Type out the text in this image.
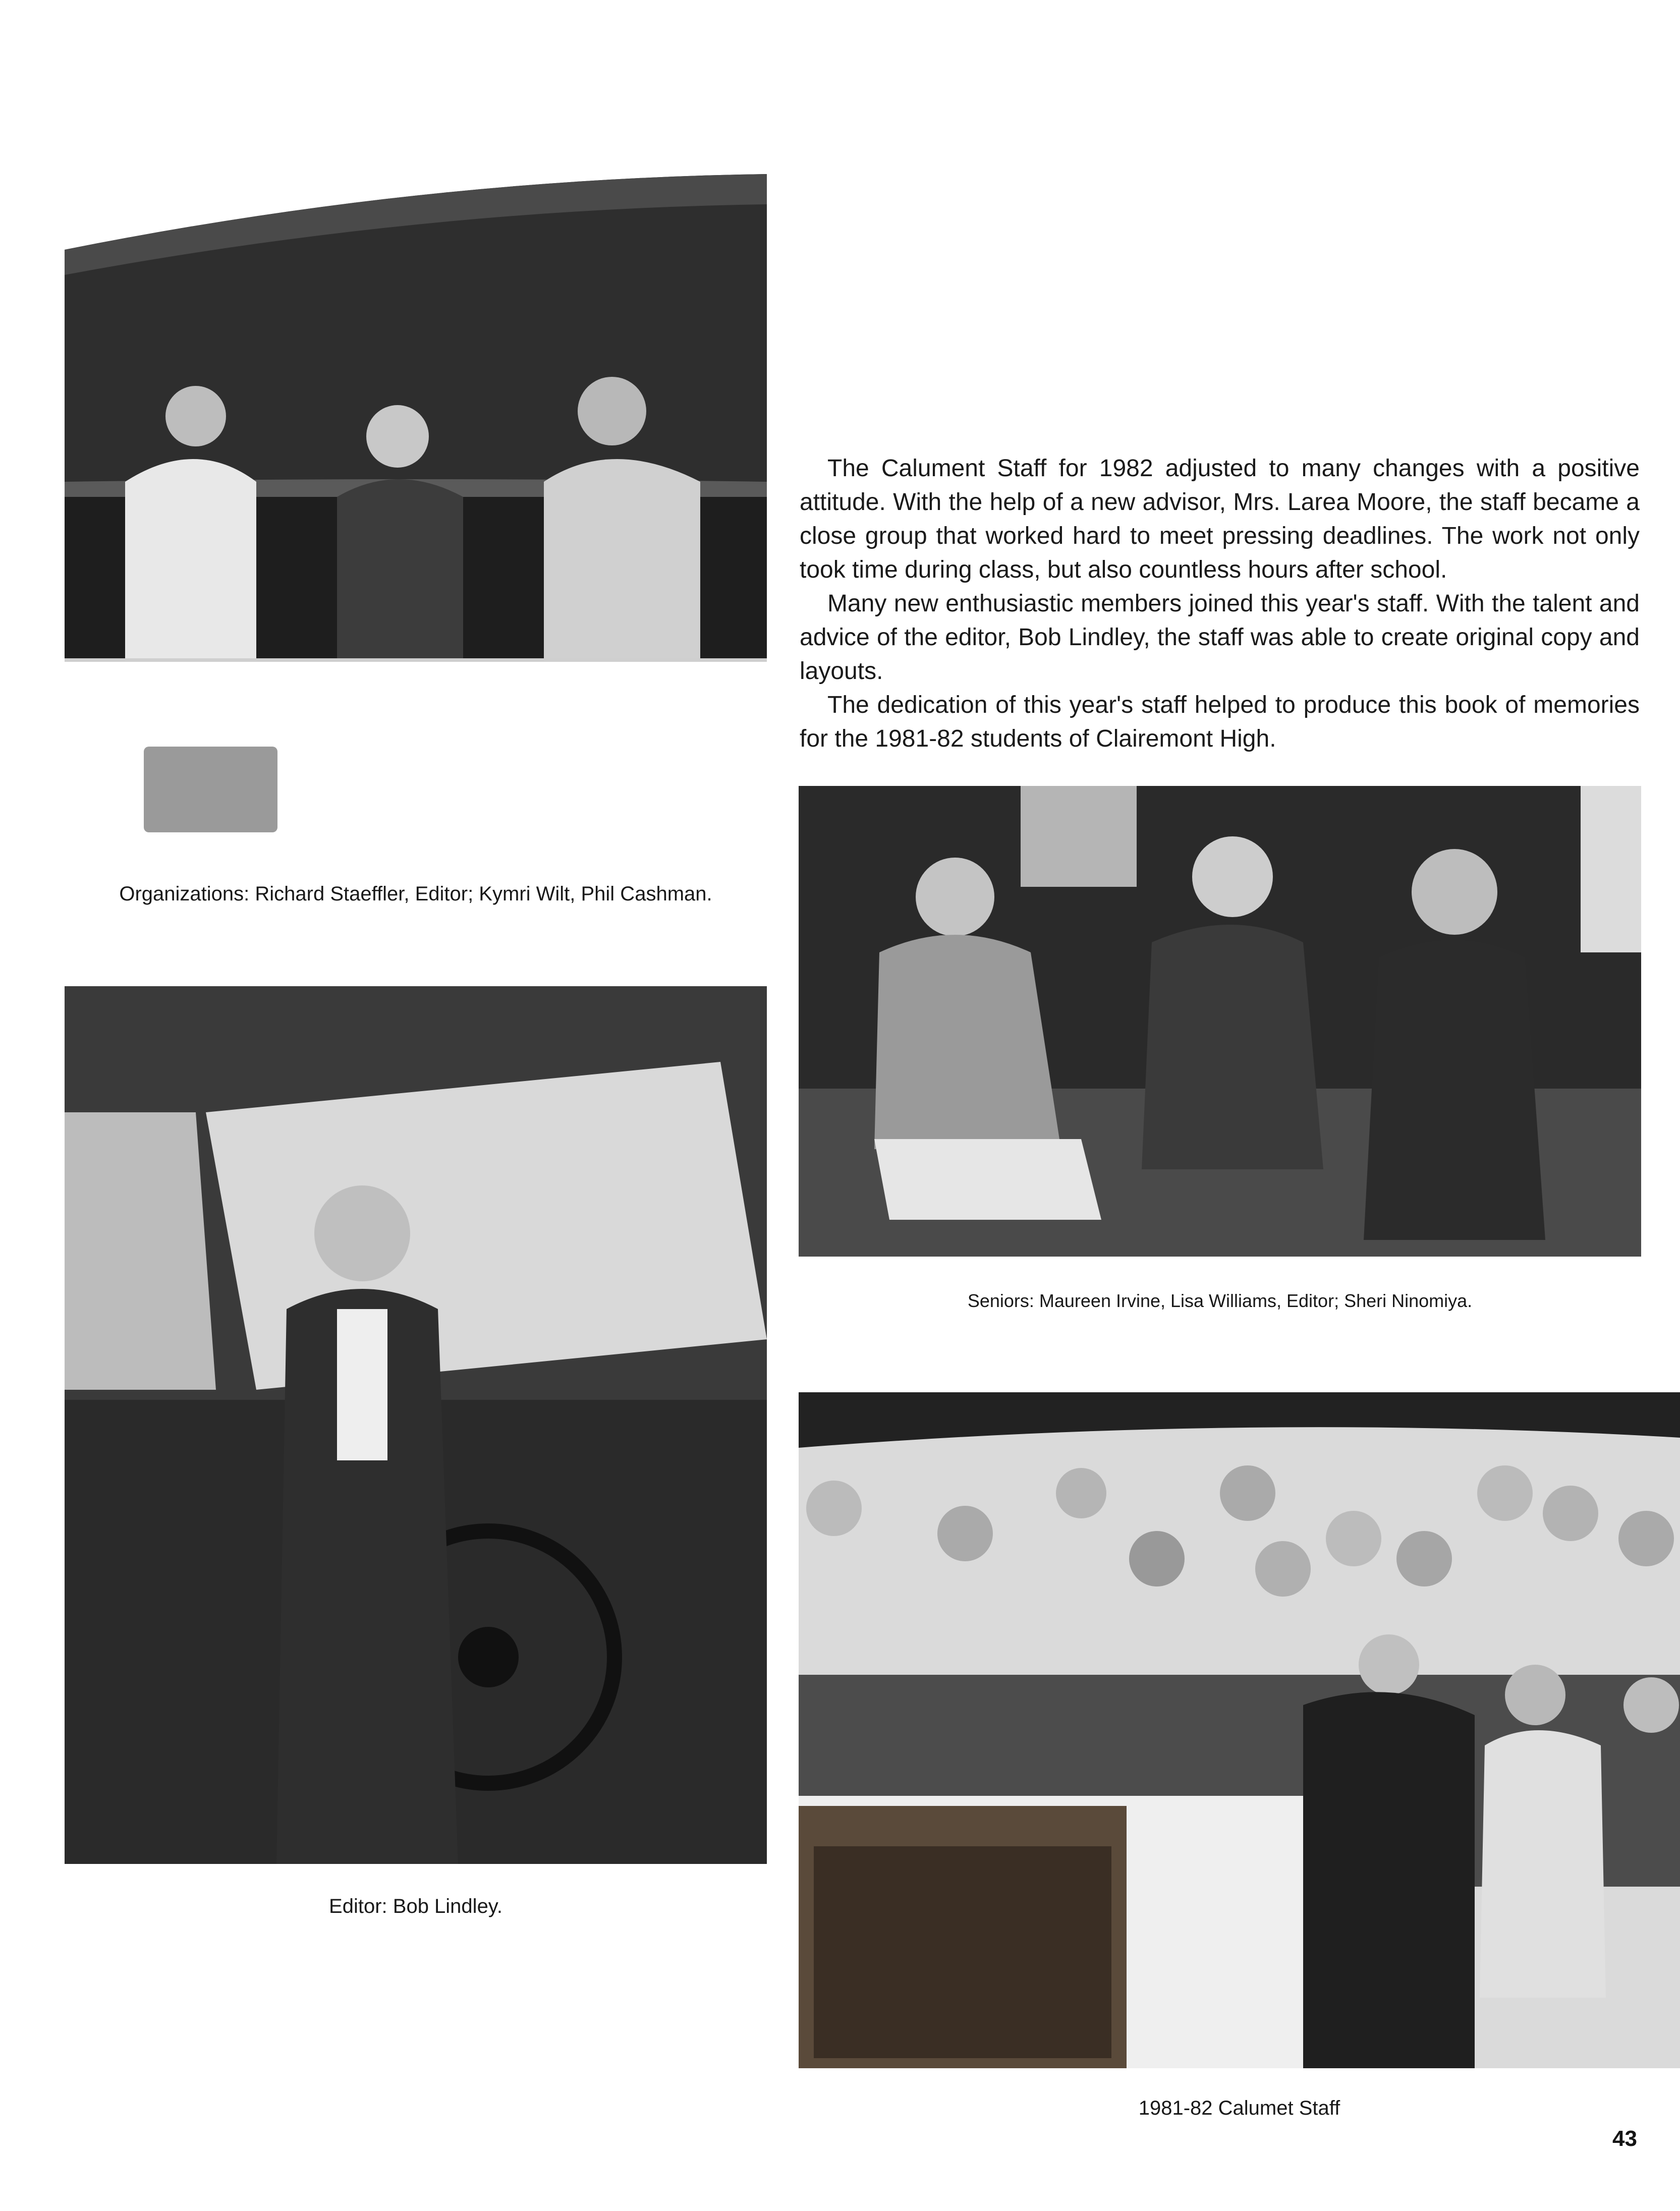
Organizations: Richard Staeffler, Editor; Kymri Wilt, Phil Cashman.
Editor: Bob Lindley.

The Calument Staff for 1982 adjusted to many changes with a positive attitude. With the help of a new advisor, Mrs. Larea Moore, the staff became a close group that worked hard to meet pressing deadlines. The work not only took time during class, but also countless hours after school.

Many new enthusiastic members joined this year's staff. With the talent and advice of the editor, Bob Lindley, the staff was able to create original copy and layouts.

The dedication of this year's staff helped to produce this book of memories for the 1981-82 students of Clairemont High.

Seniors: Maureen Irvine, Lisa Williams, Editor; Sheri Ninomiya.
1981-82 Calumet Staff
43
